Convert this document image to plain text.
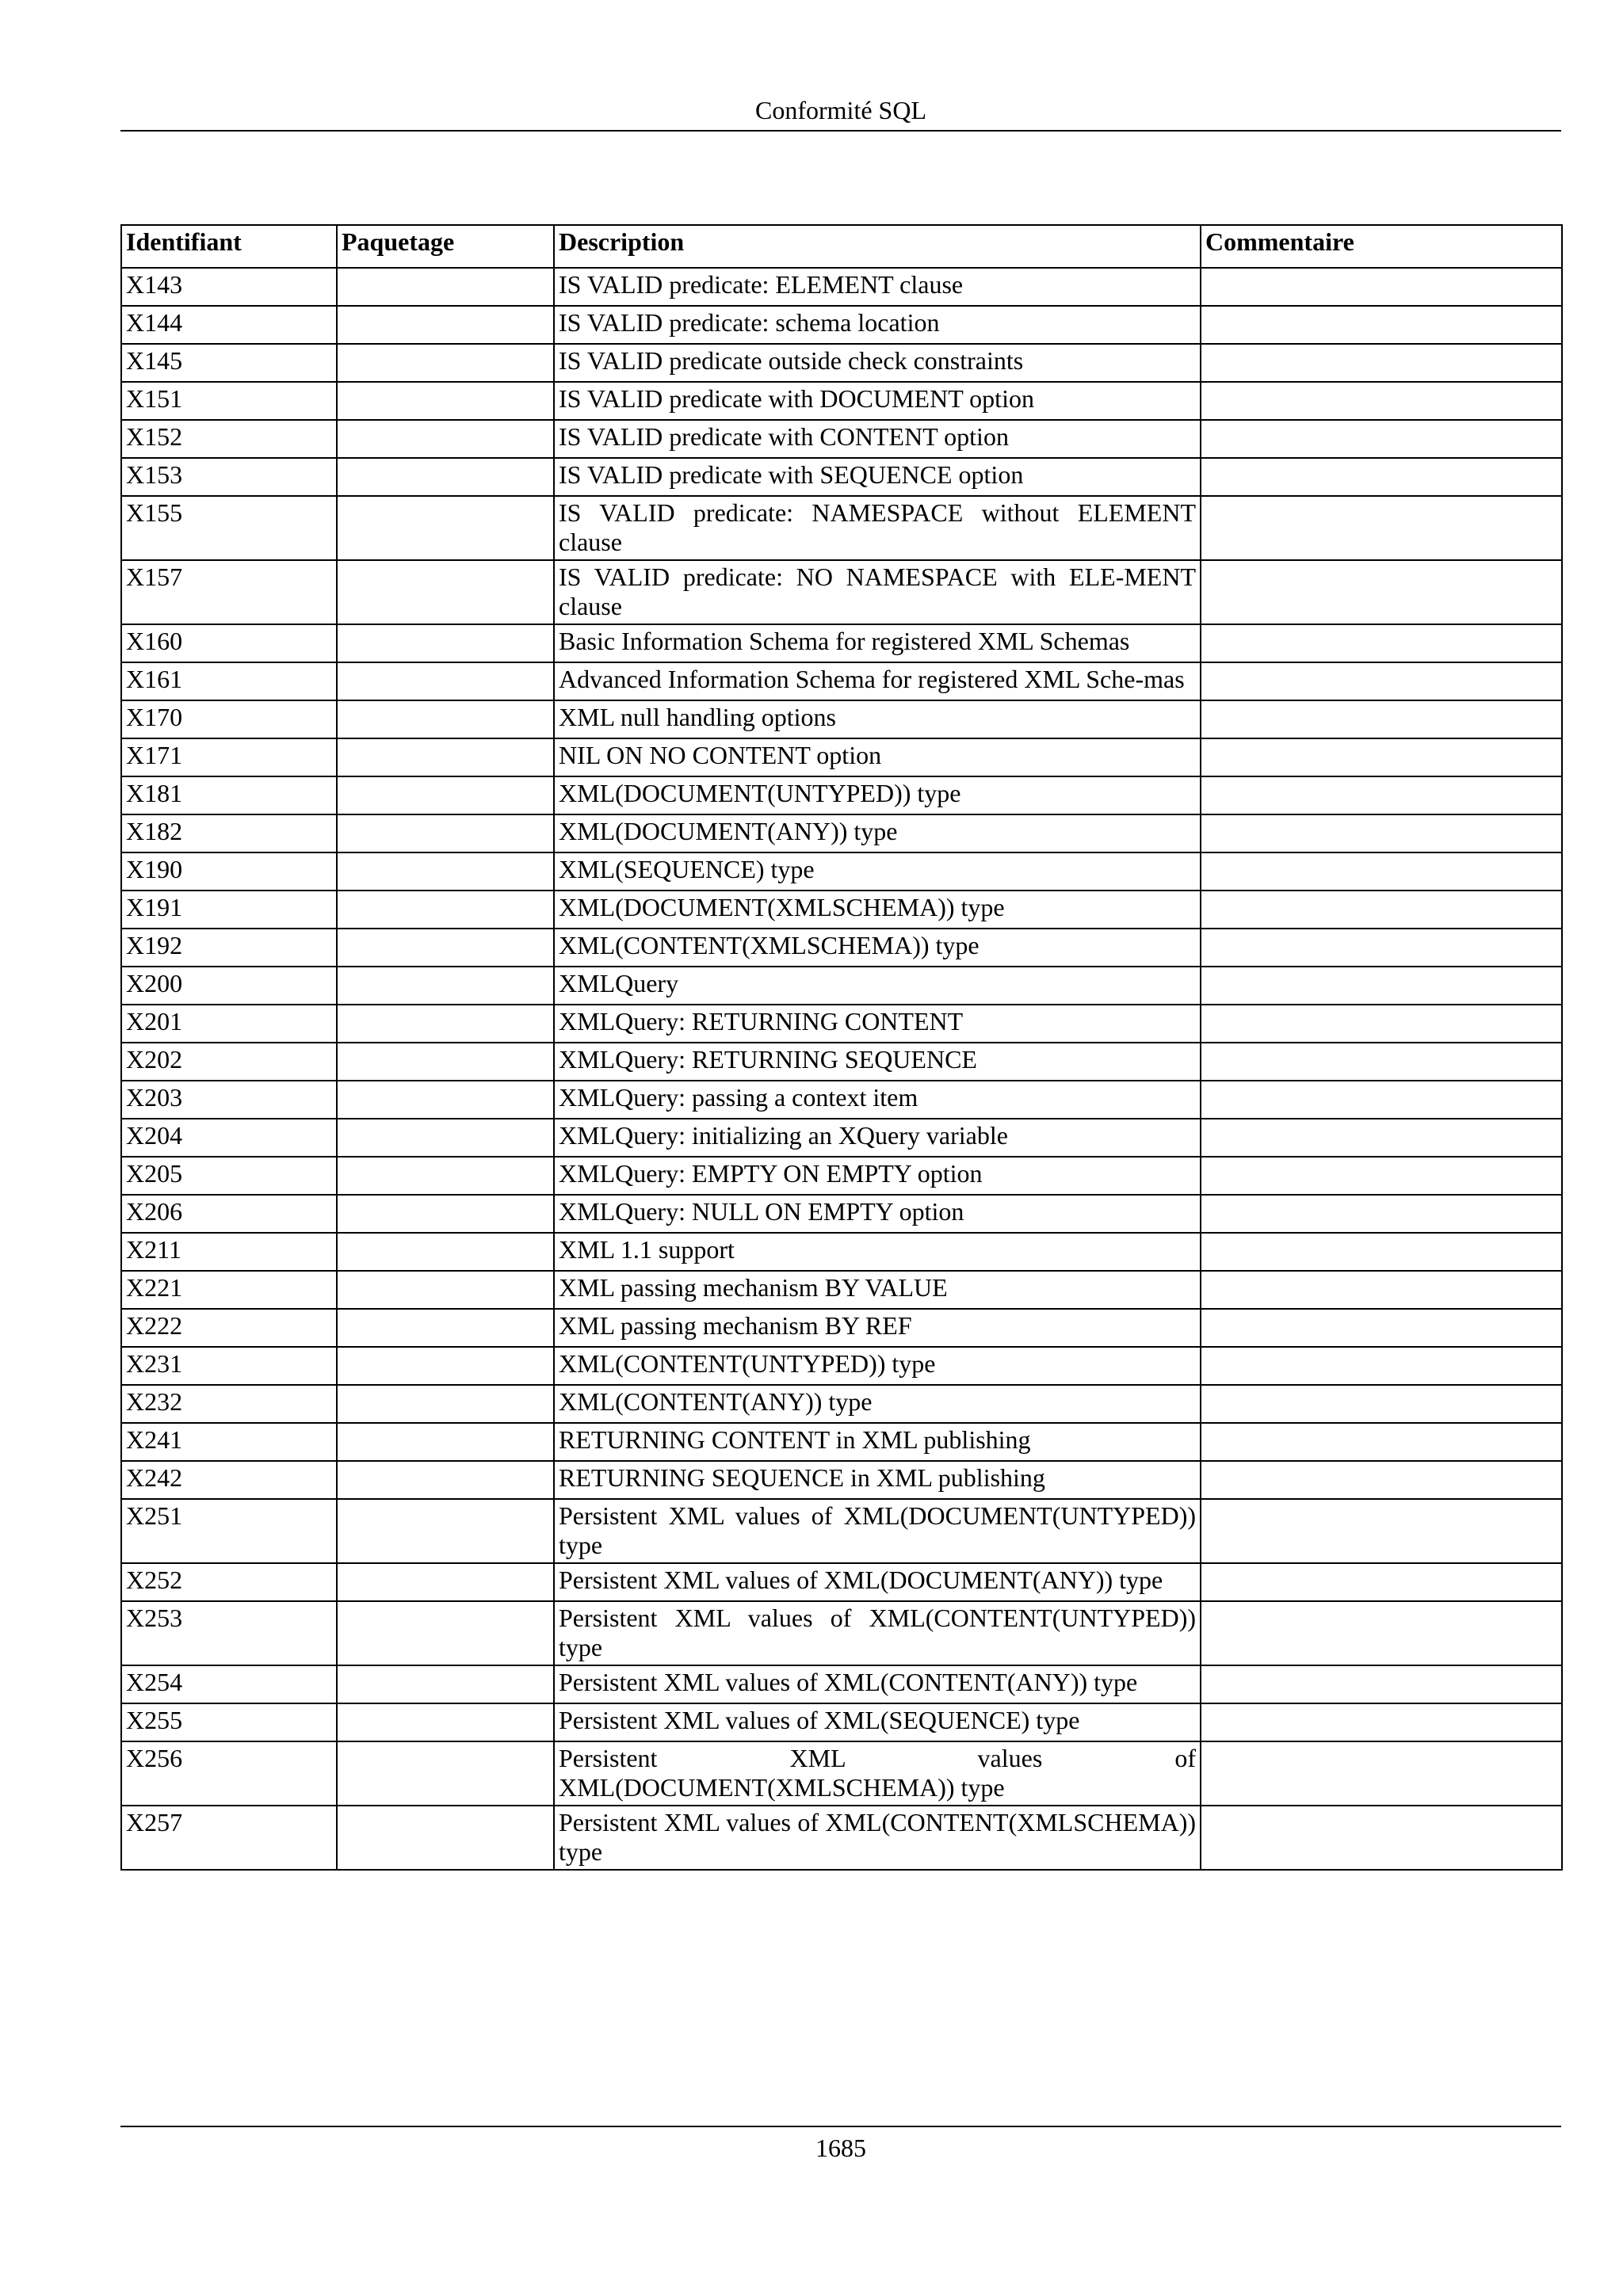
Conformité SQL
Identifiant	Paquetage	Description	Commentaire
X143		IS VALID predicate: ELEMENT clause	
X144		IS VALID predicate: schema location	
X145		IS VALID predicate outside check constraints	
X151		IS VALID predicate with DOCUMENT option	
X152		IS VALID predicate with CONTENT option	
X153		IS VALID predicate with SEQUENCE option	
X155		IS VALID predicate: NAMESPACE without ELEMENT clause	
X157		IS VALID predicate: NO NAMESPACE with ELE-MENT clause	
X160		Basic Information Schema for registered XML Schemas	
X161		Advanced Information Schema for registered XML Sche-mas	
X170		XML null handling options	
X171		NIL ON NO CONTENT option	
X181		XML(DOCUMENT(UNTYPED)) type	
X182		XML(DOCUMENT(ANY)) type	
X190		XML(SEQUENCE) type	
X191		XML(DOCUMENT(XMLSCHEMA)) type	
X192		XML(CONTENT(XMLSCHEMA)) type	
X200		XMLQuery	
X201		XMLQuery: RETURNING CONTENT	
X202		XMLQuery: RETURNING SEQUENCE	
X203		XMLQuery: passing a context item	
X204		XMLQuery: initializing an XQuery variable	
X205		XMLQuery: EMPTY ON EMPTY option	
X206		XMLQuery: NULL ON EMPTY option	
X211		XML 1.1 support	
X221		XML passing mechanism BY VALUE	
X222		XML passing mechanism BY REF	
X231		XML(CONTENT(UNTYPED)) type	
X232		XML(CONTENT(ANY)) type	
X241		RETURNING CONTENT in XML publishing	
X242		RETURNING SEQUENCE in XML publishing	
X251		Persistent XML values of XML(DOCUMENT(UNTYPED)) type	
X252		Persistent XML values of XML(DOCUMENT(ANY)) type	
X253		Persistent XML values of XML(CONTENT(UNTYPED)) type	
X254		Persistent XML values of XML(CONTENT(ANY)) type	
X255		Persistent XML values of XML(SEQUENCE) type	
X256		Persistent XML values of XML(DOCUMENT(XMLSCHEMA)) type	
X257		Persistent XML values of XML(CONTENT(XMLSCHEMA)) type	
1685
